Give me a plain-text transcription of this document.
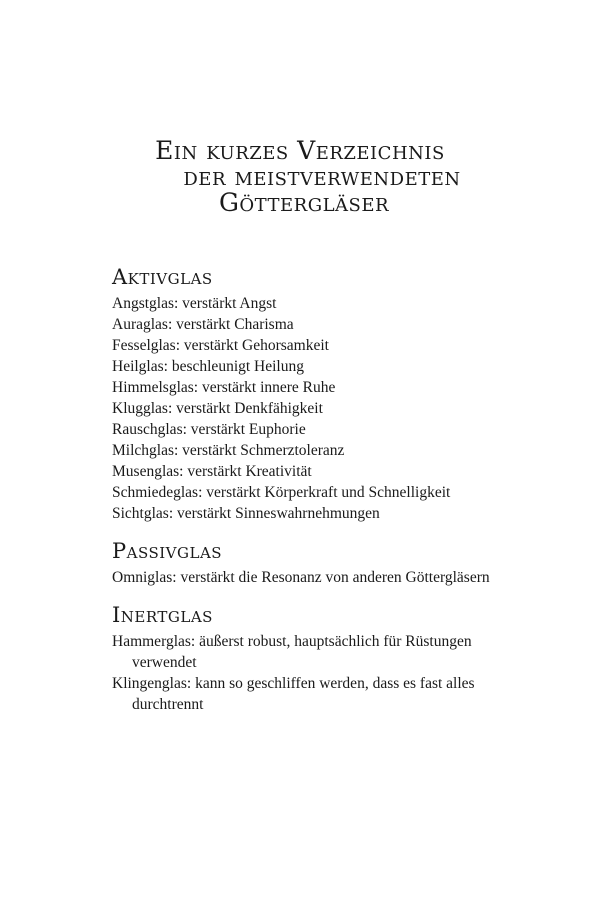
Ein kurzes Verzeichnis
der meistverwendeten
Göttergläser
Aktivglas
Angstglas: verstärkt Angst
Auraglas: verstärkt Charisma
Fesselglas: verstärkt Gehorsamkeit
Heilglas: beschleunigt Heilung
Himmelsglas: verstärkt innere Ruhe
Klugglas: verstärkt Denkfähigkeit
Rauschglas: verstärkt Euphorie
Milchglas: verstärkt Schmerztoleranz
Musenglas: verstärkt Kreativität
Schmiedeglas: verstärkt Körperkraft und Schnelligkeit
Sichtglas: verstärkt Sinneswahrnehmungen
Passivglas
Omniglas: verstärkt die Resonanz von anderen Göttergläsern
Inertglas
Hammerglas: äußerst robust, hauptsächlich für Rüstungen verwendet
Klingenglas: kann so geschliffen werden, dass es fast alles durchtrennt
